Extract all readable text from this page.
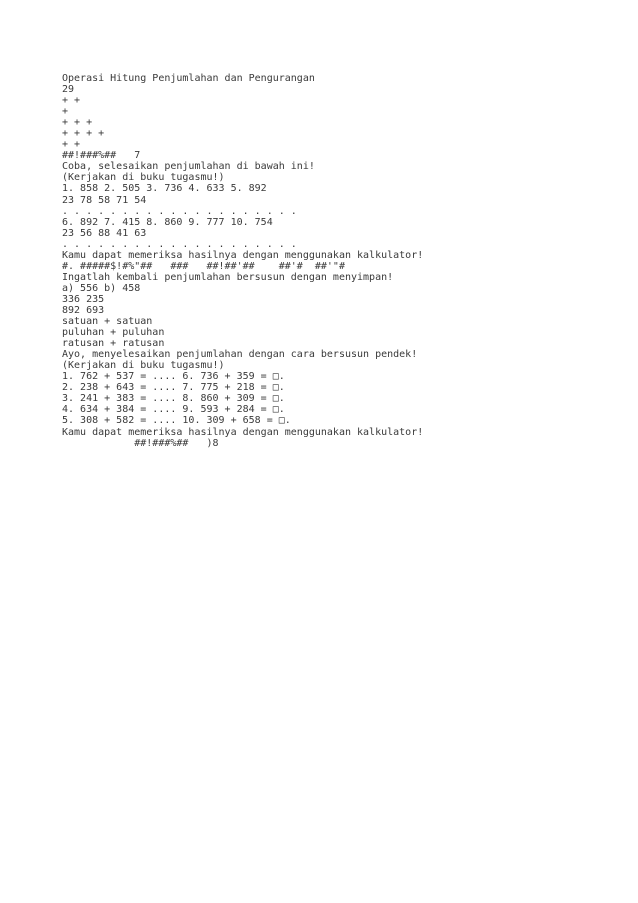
Operasi Hitung Penjumlahan dan Pengurangan
29
+ +
+
+ + +
+ + + +
+ +
##!###%##   7
Coba, selesaikan penjumlahan di bawah ini!
(Kerjakan di buku tugasmu!)
1. 858 2. 505 3. 736 4. 633 5. 892
23 78 58 71 54
. . . . . . . . . . . . . . . . . . . .
6. 892 7. 415 8. 860 9. 777 10. 754
23 56 88 41 63
. . . . . . . . . . . . . . . . . . . .
Kamu dapat memeriksa hasilnya dengan menggunakan kalkulator!
#. #####$!#%"##   ###   ##!##'##    ##'#  ##'"#
Ingatlah kembali penjumlahan bersusun dengan menyimpan!
a) 556 b) 458
336 235
892 693
satuan + satuan
puluhan + puluhan
ratusan + ratusan
Ayo, menyelesaikan penjumlahan dengan cara bersusun pendek!
(Kerjakan di buku tugasmu!)
1. 762 + 537 = .... 6. 736 + 359 = □.
2. 238 + 643 = .... 7. 775 + 218 = □.
3. 241 + 383 = .... 8. 860 + 309 = □.
4. 634 + 384 = .... 9. 593 + 284 = □.
5. 308 + 582 = .... 10. 309 + 658 = □.
Kamu dapat memeriksa hasilnya dengan menggunakan kalkulator!
##!###%##   )8
